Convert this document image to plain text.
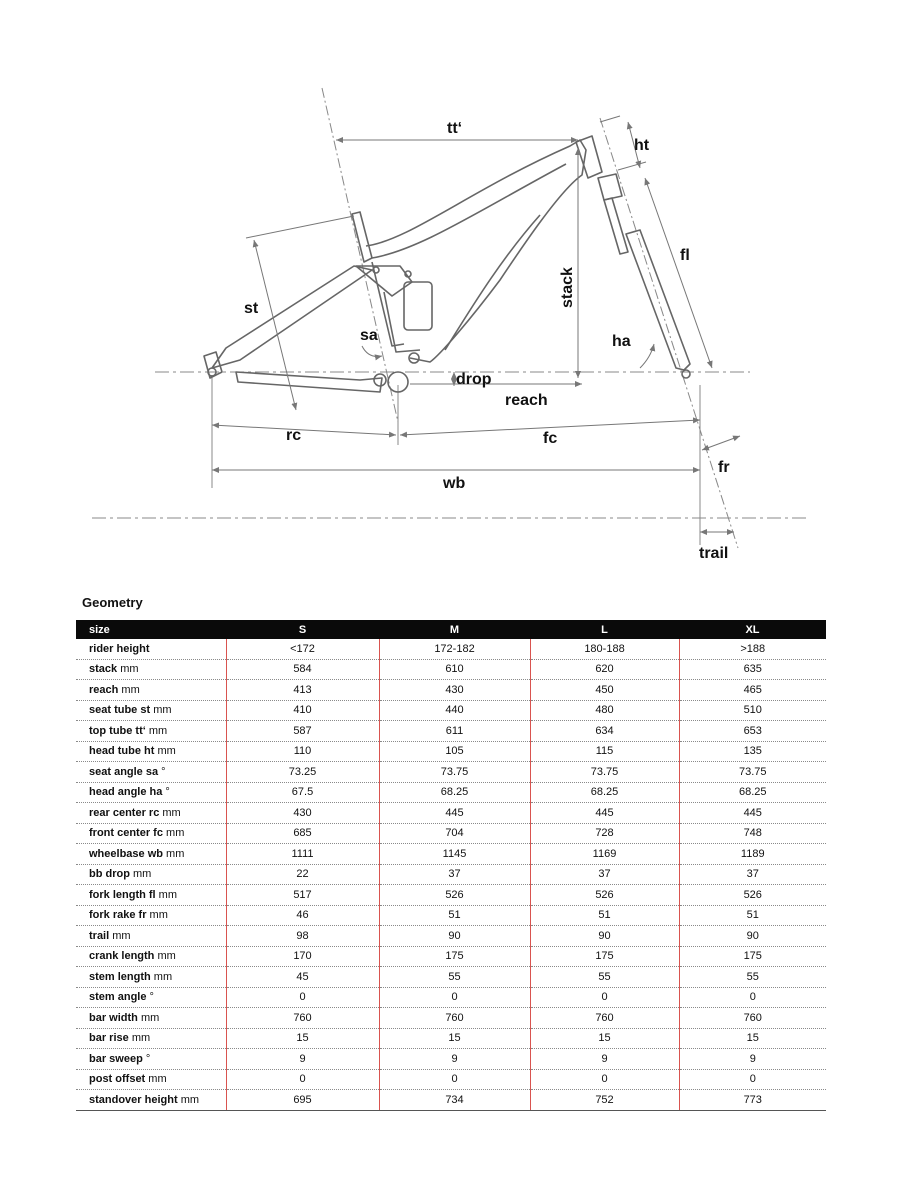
tt‘
ht
fl
st
stack
sa	ha
drop
reach
rc	fc
fr
wb
trail
Geometry
size	S	M	L	XL
rider height	<172	172-182	180-188	>188
stack mm	584	610	620	635
reach mm	413	430	450	465
seat tube st mm	410	440	480	510
top tube tt‘ mm	587	611	634	653
head tube ht mm	110	105	115	135
seat angle sa °	73.25	73.75	73.75	73.75
head angle ha °	67.5	68.25	68.25	68.25
rear center rc mm	430	445	445	445
front center fc mm	685	704	728	748
wheelbase wb mm	1111	1145	1169	1189
bb drop mm	22	37	37	37
fork length fl mm	517	526	526	526
fork rake fr mm	46	51	51	51
trail mm	98	90	90	90
crank length mm	170	175	175	175
stem length mm	45	55	55	55
stem angle °	0	0	0	0
bar width mm	760	760	760	760
bar rise mm	15	15	15	15
bar sweep °	9	9	9	9
post offset mm	0	0	0	0
standover height mm	695	734	752	773
